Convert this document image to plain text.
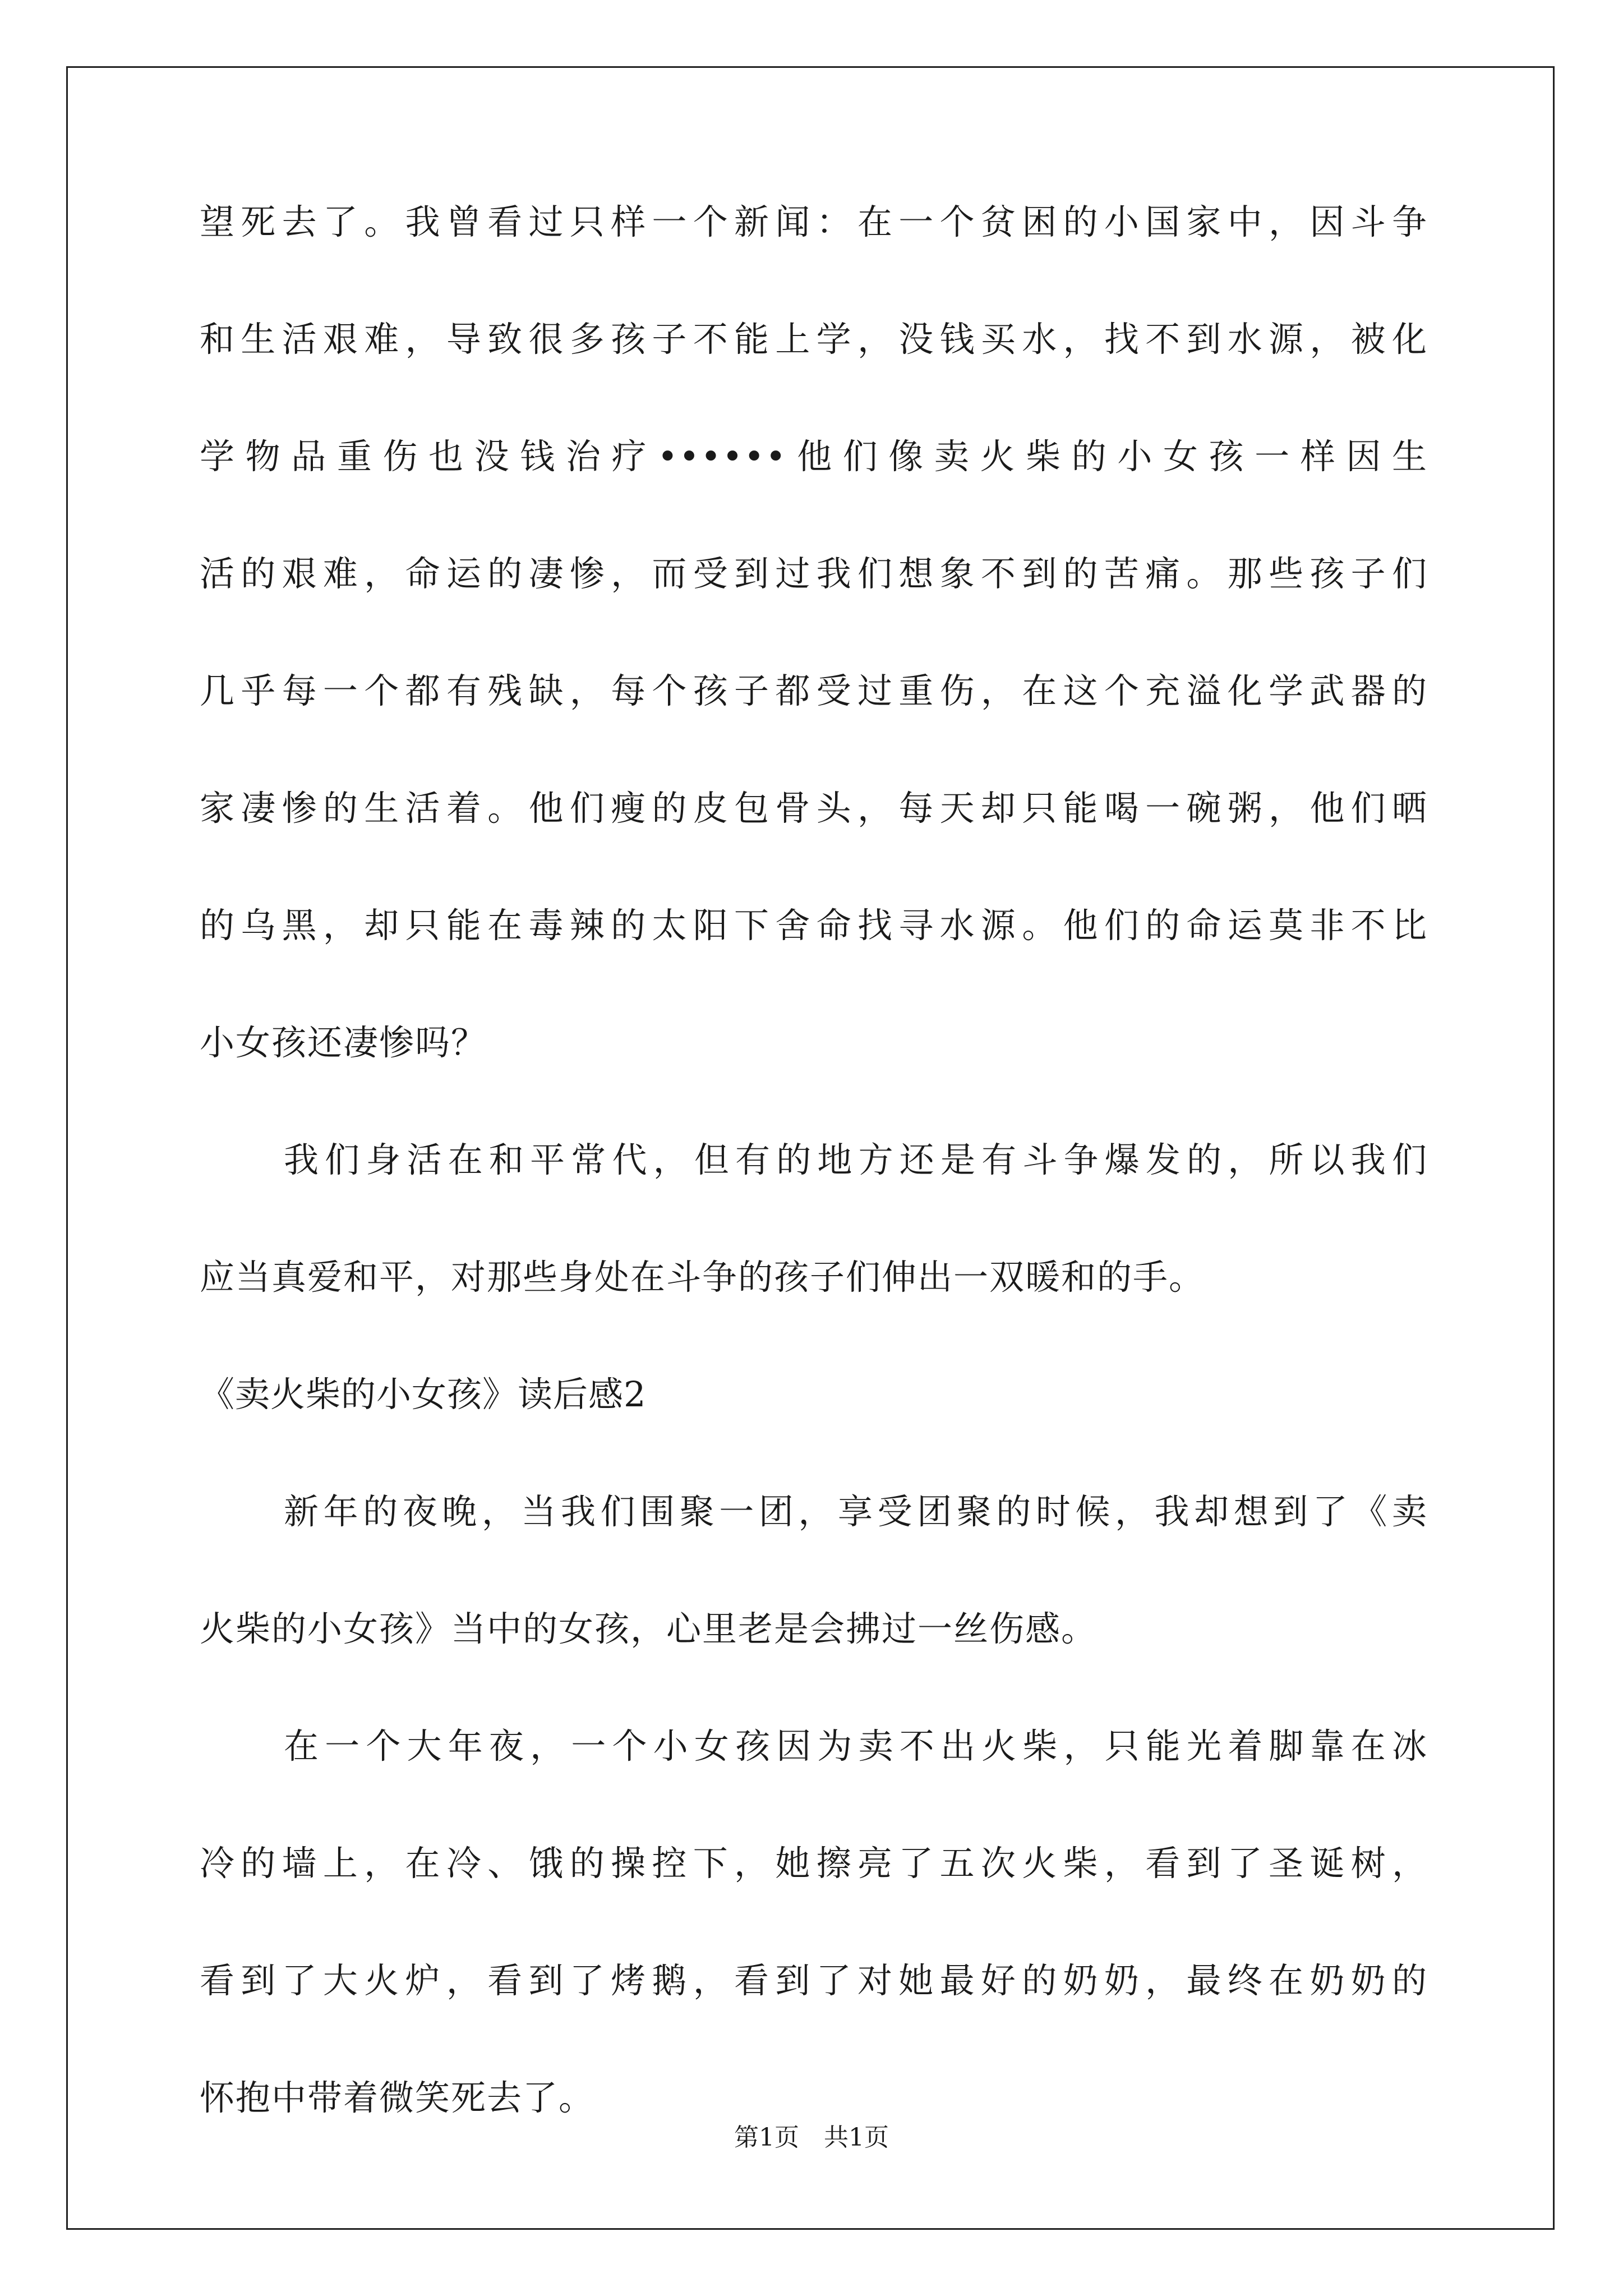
望死去了。我曾看过只样一个新闻：在一个贫困的小国家中，因斗争
和生活艰难，导致很多孩子不能上学，没钱买水，找不到水源，被化
学物品重伤也没钱治疗••••••他们像卖火柴的小女孩一样因生
活的艰难，命运的凄惨，而受到过我们想象不到的苦痛。那些孩子们
几乎每一个都有残缺，每个孩子都受过重伤，在这个充溢化学武器的
家凄惨的生活着。他们瘦的皮包骨头，每天却只能喝一碗粥，他们晒
的乌黑，却只能在毒辣的太阳下舍命找寻水源。他们的命运莫非不比
小女孩还凄惨吗？
我们身活在和平常代，但有的地方还是有斗争爆发的，所以我们
应当真爱和平，对那些身处在斗争的孩子们伸出一双暖和的手。
《卖火柴的小女孩》读后感2
新年的夜晚，当我们围聚一团，享受团聚的时候，我却想到了《卖
火柴的小女孩》当中的女孩，心里老是会拂过一丝伤感。
在一个大年夜，一个小女孩因为卖不出火柴，只能光着脚靠在冰
冷的墙上，在冷、饿的操控下，她擦亮了五次火柴，看到了圣诞树，
看到了大火炉，看到了烤鹅，看到了对她最好的奶奶，最终在奶奶的
怀抱中带着微笑死去了。
第1页 共1页
